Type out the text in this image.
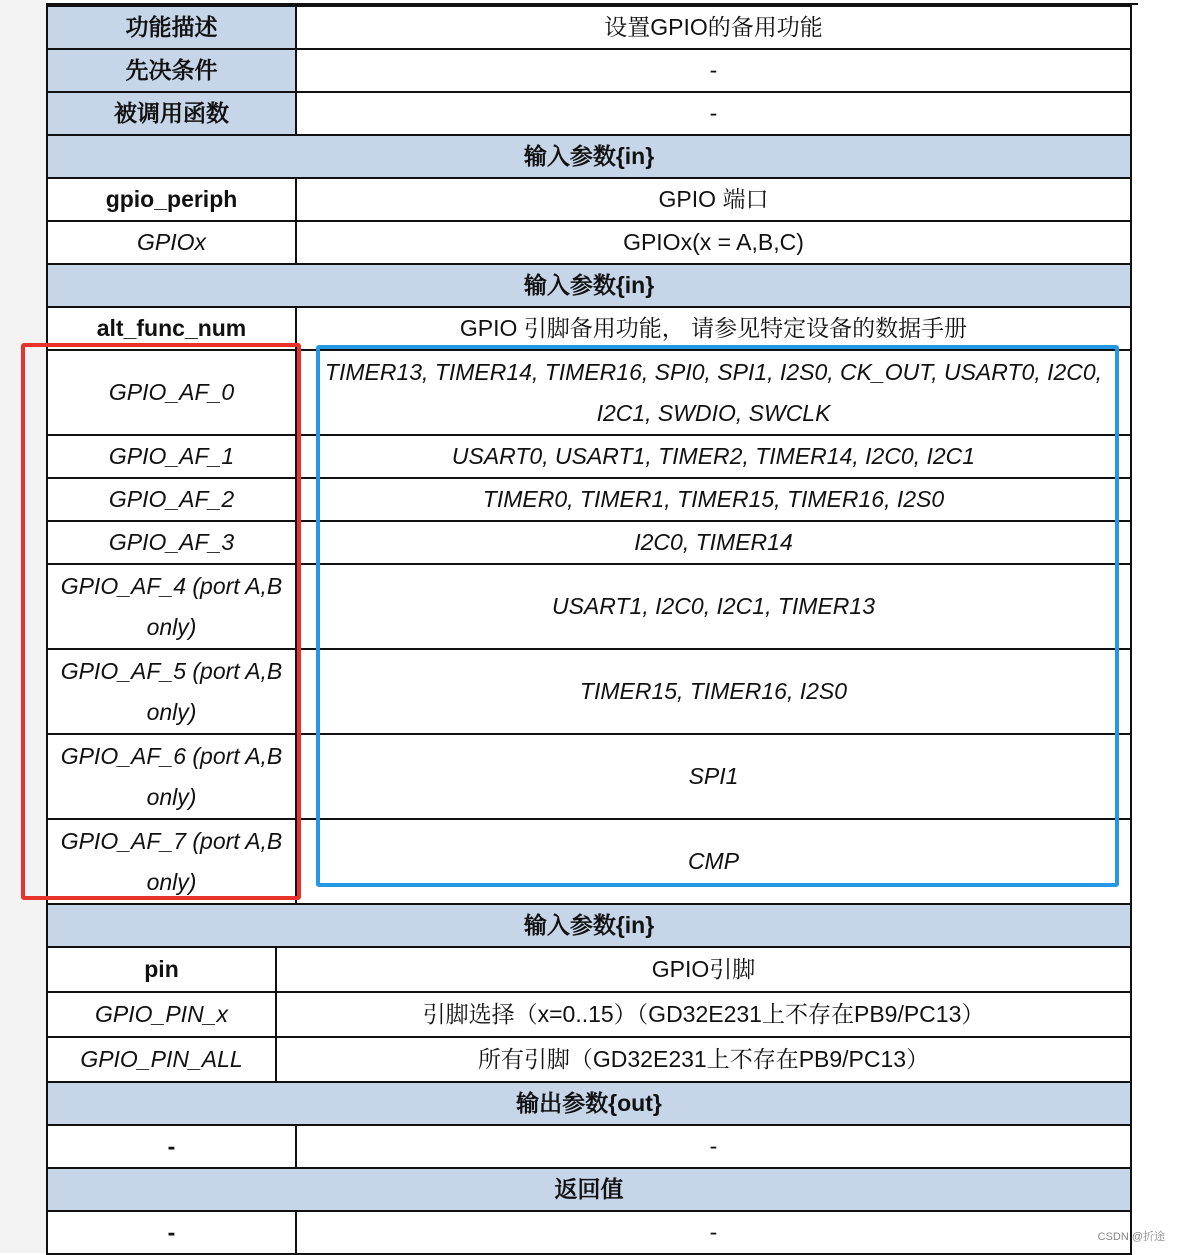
功能描述	设置GPIO的备用功能
先决条件	-
被调用函数	-
输入参数{in}
gpio_periph	GPIO 端口
GPIOx	GPIOx(x = A,B,C)
输入参数{in}
alt_func_num	GPIO 引脚备用功能， 请参见特定设备的数据手册
GPIO_AF_0	TIMER13, TIMER14, TIMER16, SPI0, SPI1, I2S0, CK_OUT, USART0, I2C0, I2C1, SWDIO, SWCLK
GPIO_AF_1	USART0, USART1, TIMER2, TIMER14, I2C0, I2C1
GPIO_AF_2	TIMER0, TIMER1, TIMER15, TIMER16, I2S0
GPIO_AF_3	I2C0, TIMER14
GPIO_AF_4 (port A,B only)	USART1, I2C0, I2C1, TIMER13
GPIO_AF_5 (port A,B only)	TIMER15, TIMER16, I2S0
GPIO_AF_6 (port A,B only)	SPI1
GPIO_AF_7 (port A,B only)	CMP
输入参数{in}

pin	GPIO引脚

GPIO_PIN_x	引脚选择（x=0..15）（GD32E231上不存在PB9/PC13）

GPIO_PIN_ALL	所有引脚（GD32E231上不存在PB9/PC13）

输出参数{out}
-	-
返回值
-	-	CSDN @折途
